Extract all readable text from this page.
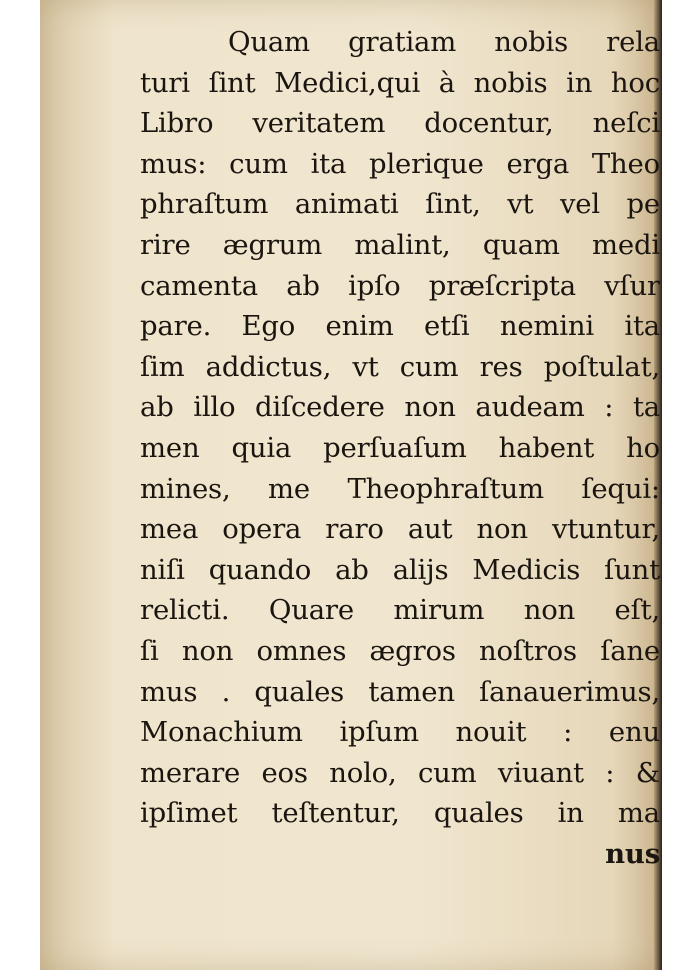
Quam gratiam nobis rela
turi ſint Medici,qui à nobis in hoc
Libro veritatem docentur, neſci
mus: cum ita plerique erga Theo
phraſtum animati ſint, vt vel pe
rire ægrum malint, quam medi
camenta ab ipſo præſcripta vſur
pare. Ego enim etſi nemini ita
ſim addictus, vt cum res poſtulat,
ab illo diſcedere non audeam : ta
men quia perſuaſum habent ho
mines, me Theophraſtum ſequi:
mea opera raro aut non vtuntur,
niſi quando ab alijs Medicis ſunt
relicti. Quare mirum non eſt,
ſi non omnes ægros noſtros ſane
mus . quales tamen ſanauerimus,
Monachium ipſum nouit : enu
merare eos nolo, cum viuant : &
ipſimet teſtentur, quales in ma
nus
